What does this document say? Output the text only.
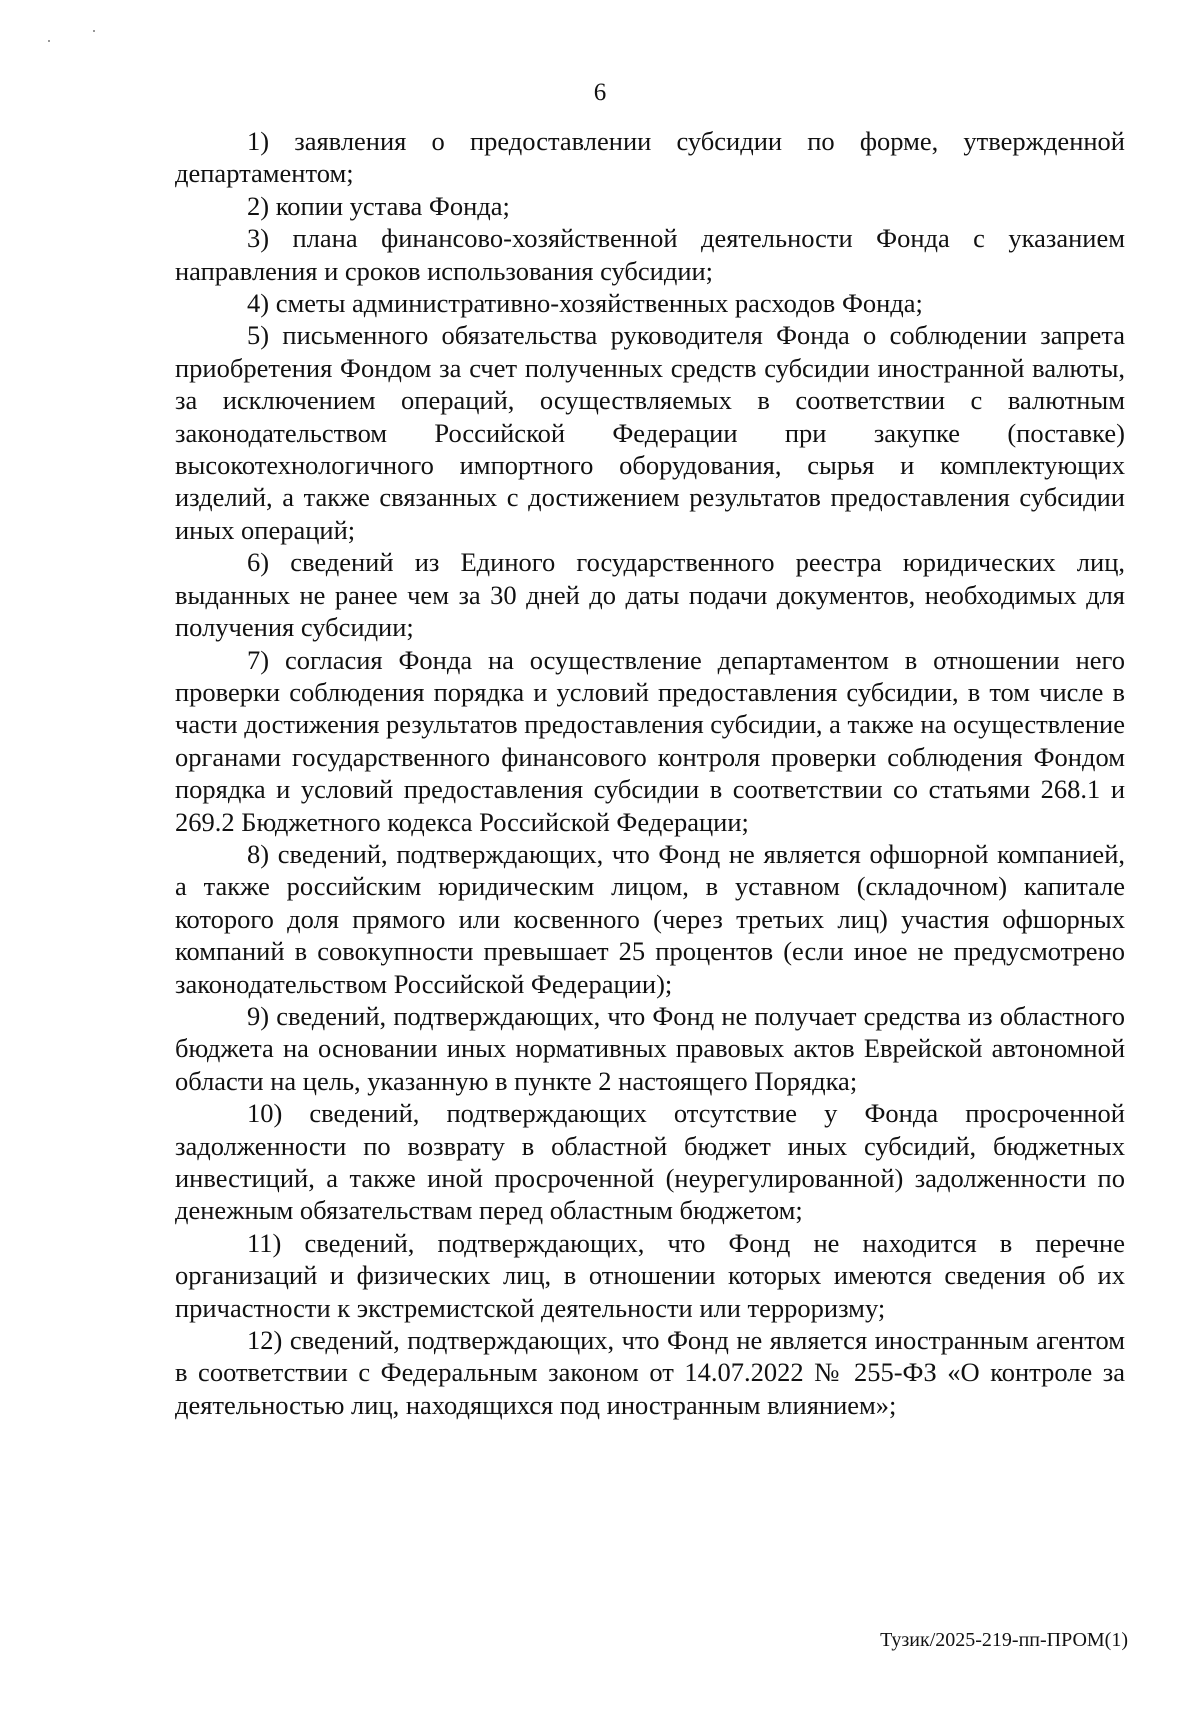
6

1) заявления о предоставлении субсидии по форме, утвержденной департаментом;

2) копии устава Фонда;

3) плана финансово-хозяйственной деятельности Фонда с указанием направления и сроков использования субсидии;

4) сметы административно-хозяйственных расходов Фонда;

5) письменного обязательства руководителя Фонда о соблюдении запрета приобретения Фондом за счет полученных средств субсидии иностранной валюты, за исключением операций, осуществляемых в соответствии с валютным законодательством Российской Федерации при закупке (поставке) высокотехнологичного импортного оборудования, сырья и комплектующих изделий, а также связанных с достижением результатов предоставления субсидии иных операций;

6) сведений из Единого государственного реестра юридических лиц, выданных не ранее чем за 30 дней до даты подачи документов, необходимых для получения субсидии;

7) согласия Фонда на осуществление департаментом в отношении него проверки соблюдения порядка и условий предоставления субсидии, в том числе в части достижения результатов предоставления субсидии, а также на осуществление органами государственного финансового контроля проверки соблюдения Фондом порядка и условий предоставления субсидии в соответствии со статьями 268.1 и 269.2 Бюджетного кодекса Российской Федерации;

8) сведений, подтверждающих, что Фонд не является офшорной компанией, а также российским юридическим лицом, в уставном (складочном) капитале которого доля прямого или косвенного (через третьих лиц) участия офшорных компаний в совокупности превышает 25 процентов (если иное не предусмотрено законодательством Российской Федерации);

9) сведений, подтверждающих, что Фонд не получает средства из областного бюджета на основании иных нормативных правовых актов Еврейской автономной области на цель, указанную в пункте 2 настоящего Порядка;

10) сведений, подтверждающих отсутствие у Фонда просроченной задолженности по возврату в областной бюджет иных субсидий, бюджетных инвестиций, а также иной просроченной (неурегулированной) задолженности по денежным обязательствам перед областным бюджетом;

11) сведений, подтверждающих, что Фонд не находится в перечне организаций и физических лиц, в отношении которых имеются сведения об их причастности к экстремистской деятельности или терроризму;

12) сведений, подтверждающих, что Фонд не является иностранным агентом в соответствии с Федеральным законом от 14.07.2022 № 255-ФЗ «О контроле за деятельностью лиц, находящихся под иностранным влиянием»;

Тузик/2025-219-пп-ПРОМ(1)
